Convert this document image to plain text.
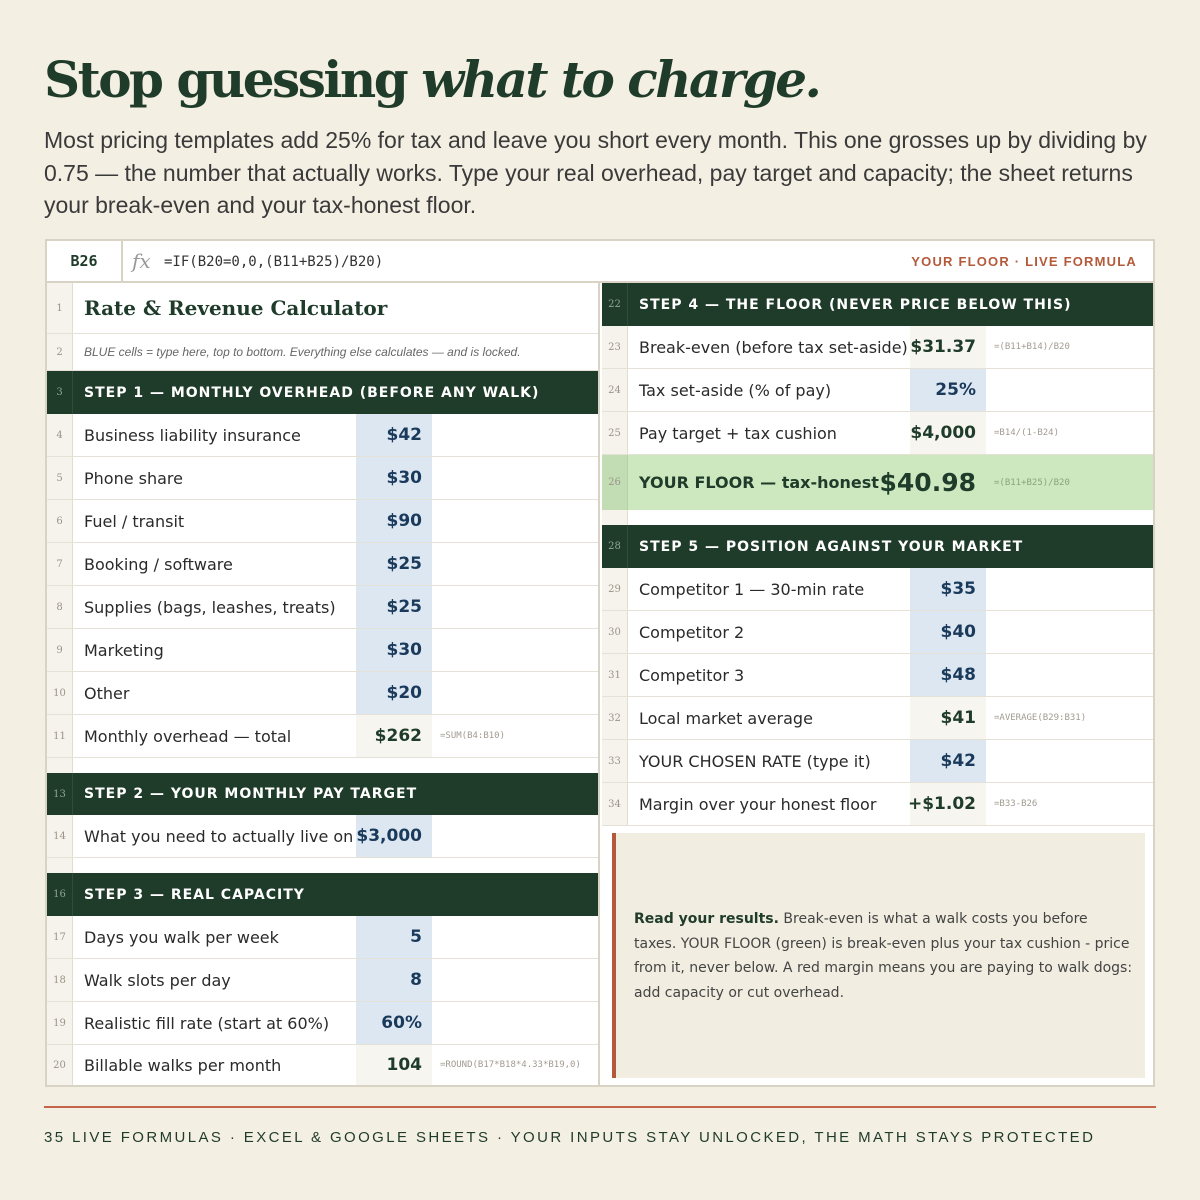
Stop guessing what to charge.
Most pricing templates add 25% for tax and leave you short every month. This one grosses up by dividing by 0.75 — the number that actually works. Type your real overhead, pay target and capacity; the sheet returns your break-even and your tax-honest floor.
B26	fx =IF(B20=0,0,(B11+B25)/B20)	YOUR FLOOR · LIVE FORMULA
1	Rate & Revenue Calculator
2	BLUE cells = type here, top to bottom. Everything else calculates — and is locked.
3	STEP 1 — MONTHLY OVERHEAD (BEFORE ANY WALK)
4	Business liability insurance	$42
5	Phone share	$30
6	Fuel / transit	$90
7	Booking / software	$25
8	Supplies (bags, leashes, treats)	$25
9	Marketing	$30
10	Other	$20
11	Monthly overhead — total	$262	=SUM(B4:B10)
13	STEP 2 — YOUR MONTHLY PAY TARGET
14	What you need to actually live on $3,000
16	STEP 3 — REAL CAPACITY
17	Days you walk per week	5
18	Walk slots per day	8
19	Realistic fill rate (start at 60%)	60%
20	Billable walks per month	104	=ROUND(B17*B18*4.33*B19,0)
22	STEP 4 — THE FLOOR (NEVER PRICE BELOW THIS)
23	Break-even (before tax set-aside) $31.37	=(B11+B14)/B20
24	Tax set-aside (% of pay)	25%
25	Pay target + tax cushion	$4,000	=B14/(1-B24)
26	YOUR FLOOR — tax-honest $40.98	=(B11+B25)/B20
28	STEP 5 — POSITION AGAINST YOUR MARKET
29	Competitor 1 — 30-min rate	$35
30	Competitor 2	$40
31	Competitor 3	$48
32	Local market average	$41	=AVERAGE(B29:B31)
33	YOUR CHOSEN RATE (type it)	$42
34	Margin over your honest floor +$1.02	=B33-B26
Read your results. Break-even is what a walk costs you before taxes. YOUR FLOOR (green) is break-even plus your tax cushion - price from it, never below. A red margin means you are paying to walk dogs: add capacity or cut overhead.
35 LIVE FORMULAS · EXCEL & GOOGLE SHEETS · YOUR INPUTS STAY UNLOCKED, THE MATH STAYS PROTECTED
